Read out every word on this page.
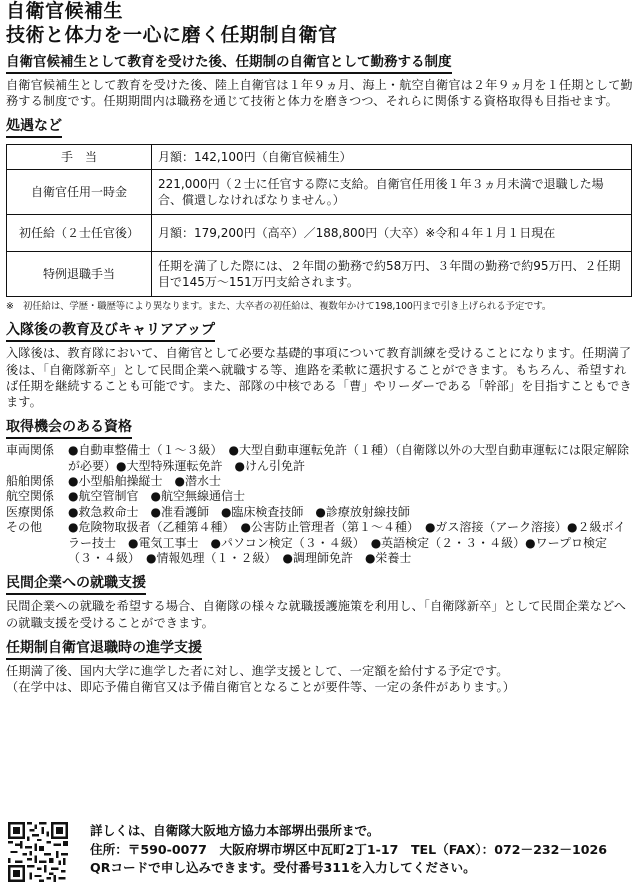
自衛官候補生
技術と体力を一心に磨く任期制自衛官
自衛官候補生として教育を受けた後、任期制の自衛官として勤務する制度
自衛官候補生として教育を受けた後、陸上自衛官は１年９ヵ月、海上・航空自衛官は２年９ヵ月を１任期として勤務する制度です。任期期間内は職務を通じて技術と体力を磨きつつ、それらに関係する資格取得も目指せます。
処遇など
手　当	月額：142,100円（自衛官候補生）
自衛官任用一時金	221,000円（２士に任官する際に支給。自衛官任用後１年３ヵ月未満で退職した場合、償還しなければなりません。）
初任給（２士任官後）	月額：179,200円（高卒）／188,800円（大卒）※令和４年１月１日現在
特例退職手当	任期を満了した際には、２年間の勤務で約58万円、３年間の勤務で約95万円、２任期目で145万～151万円支給されます。
※　初任給は、学歴・職歴等により異なります。また、大卒者の初任給は、複数年かけて198,100円まで引き上げられる予定です。
入隊後の教育及びキャリアアップ
入隊後は、教育隊において、自衛官として必要な基礎的事項について教育訓練を受けることになります。任期満了後は、「自衛隊新卒」として民間企業へ就職する等、進路を柔軟に選択することができます。もちろん、希望すれば任期を継続することも可能です。また、部隊の中核である「曹」やリーダーである「幹部」を目指すこともできます。
取得機会のある資格
車両関係	●自動車整備士（１～３級）　●大型自動車運転免許（１種）（自衛隊以外の大型自動車運転には限定解除が必要）●大型特殊運転免許　●けん引免許
船舶関係	●小型船舶操縦士　●潜水士
航空関係	●航空管制官　●航空無線通信士
医療関係	●救急救命士　●准看護師　●臨床検査技師　●診療放射線技師
その他	●危険物取扱者（乙種第４種）　●公害防止管理者（第１～４種）　●ガス溶接（アーク溶接）●２級ボイラー技士　●電気工事士　●パソコン検定（３・４級）　●英語検定（２・３・４級）●ワープロ検定（３・４級）　●情報処理（１・２級）　●調理師免許　●栄養士
民間企業への就職支援
民間企業への就職を希望する場合、自衛隊の様々な就職援護施策を利用し、「自衛隊新卒」として民間企業などへの就職支援を受けることができます。
任期制自衛官退職時の進学支援
任期満了後、国内大学に進学した者に対し、進学支援として、一定額を給付する予定です。
（在学中は、即応予備自衛官又は予備自衛官となることが要件等、一定の条件があります。）
詳しくは、自衛隊大阪地方協力本部堺出張所まで。
住所：〒590-0077　大阪府堺市堺区中瓦町2丁1-17　TEL（FAX）：072－232－1026
QRコードで申し込みできます。受付番号311を入力してください。
